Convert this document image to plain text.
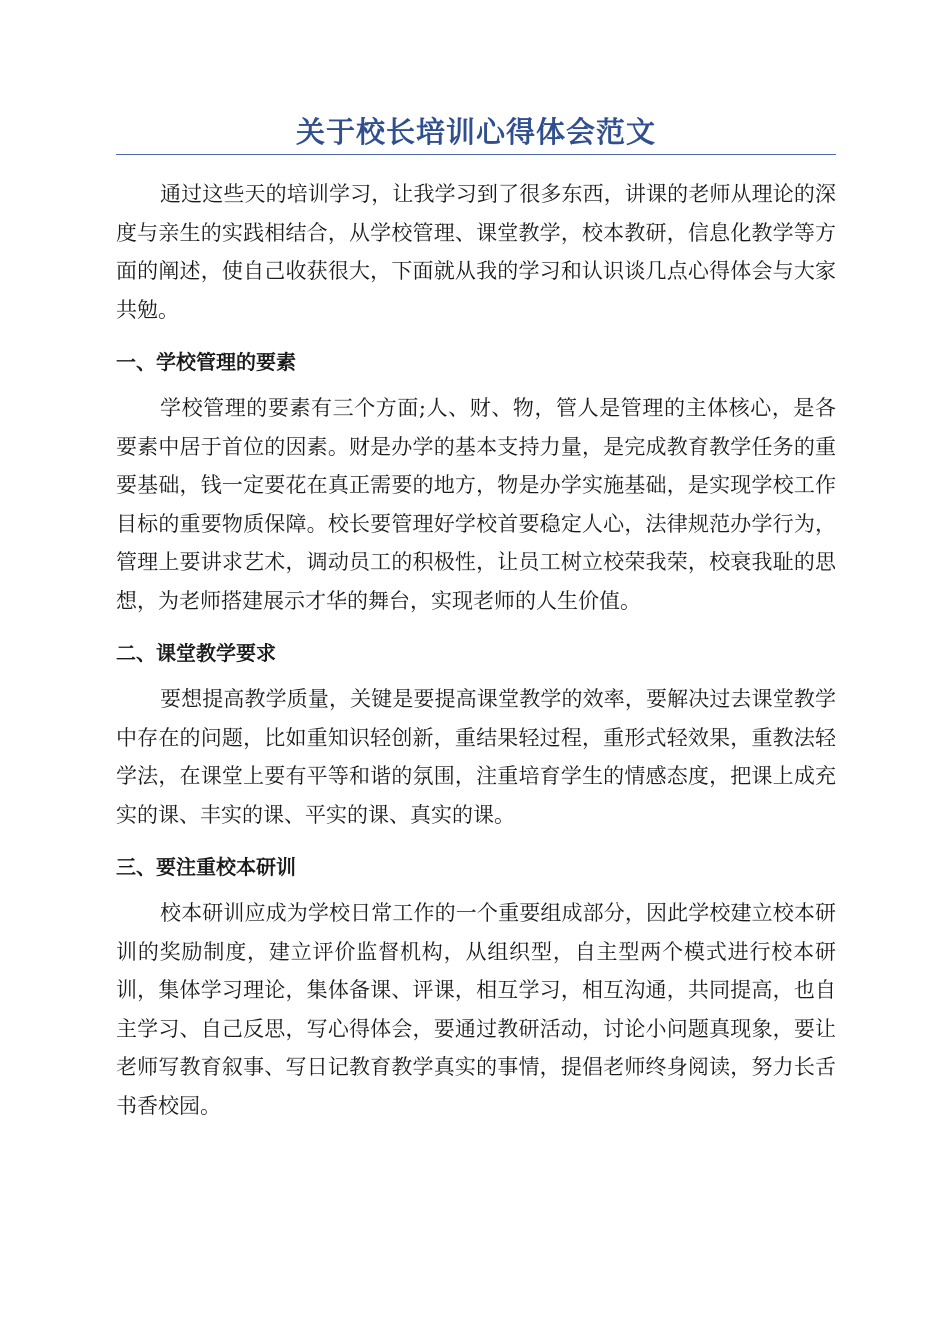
关于校长培训心得体会范文

通过这些天的培训学习，让我学习到了很多东西，讲课的老师从理论的深度与亲生的实践相结合，从学校管理、课堂教学，校本教研，信息化教学等方面的阐述，使自己收获很大，下面就从我的学习和认识谈几点心得体会与大家共勉。

一、学校管理的要素

学校管理的要素有三个方面;人、财、物，管人是管理的主体核心，是各要素中居于首位的因素。财是办学的基本支持力量，是完成教育教学任务的重要基础，钱一定要花在真正需要的地方，物是办学实施基础，是实现学校工作目标的重要物质保障。校长要管理好学校首要稳定人心，法律规范办学行为，管理上要讲求艺术，调动员工的积极性，让员工树立校荣我荣，校衰我耻的思想，为老师搭建展示才华的舞台，实现老师的人生价值。

二、课堂教学要求

要想提高教学质量，关键是要提高课堂教学的效率，要解决过去课堂教学中存在的问题，比如重知识轻创新，重结果轻过程，重形式轻效果，重教法轻学法，在课堂上要有平等和谐的氛围，注重培育学生的情感态度，把课上成充实的课、丰实的课、平实的课、真实的课。

三、要注重校本研训

校本研训应成为学校日常工作的一个重要组成部分，因此学校建立校本研训的奖励制度，建立评价监督机构，从组织型，自主型两个模式进行校本研训，集体学习理论，集体备课、评课，相互学习，相互沟通，共同提高，也自主学习、自己反思，写心得体会，要通过教研活动，讨论小问题真现象，要让老师写教育叙事、写日记教育教学真实的事情，提倡老师终身阅读，努力长舌书香校园。
